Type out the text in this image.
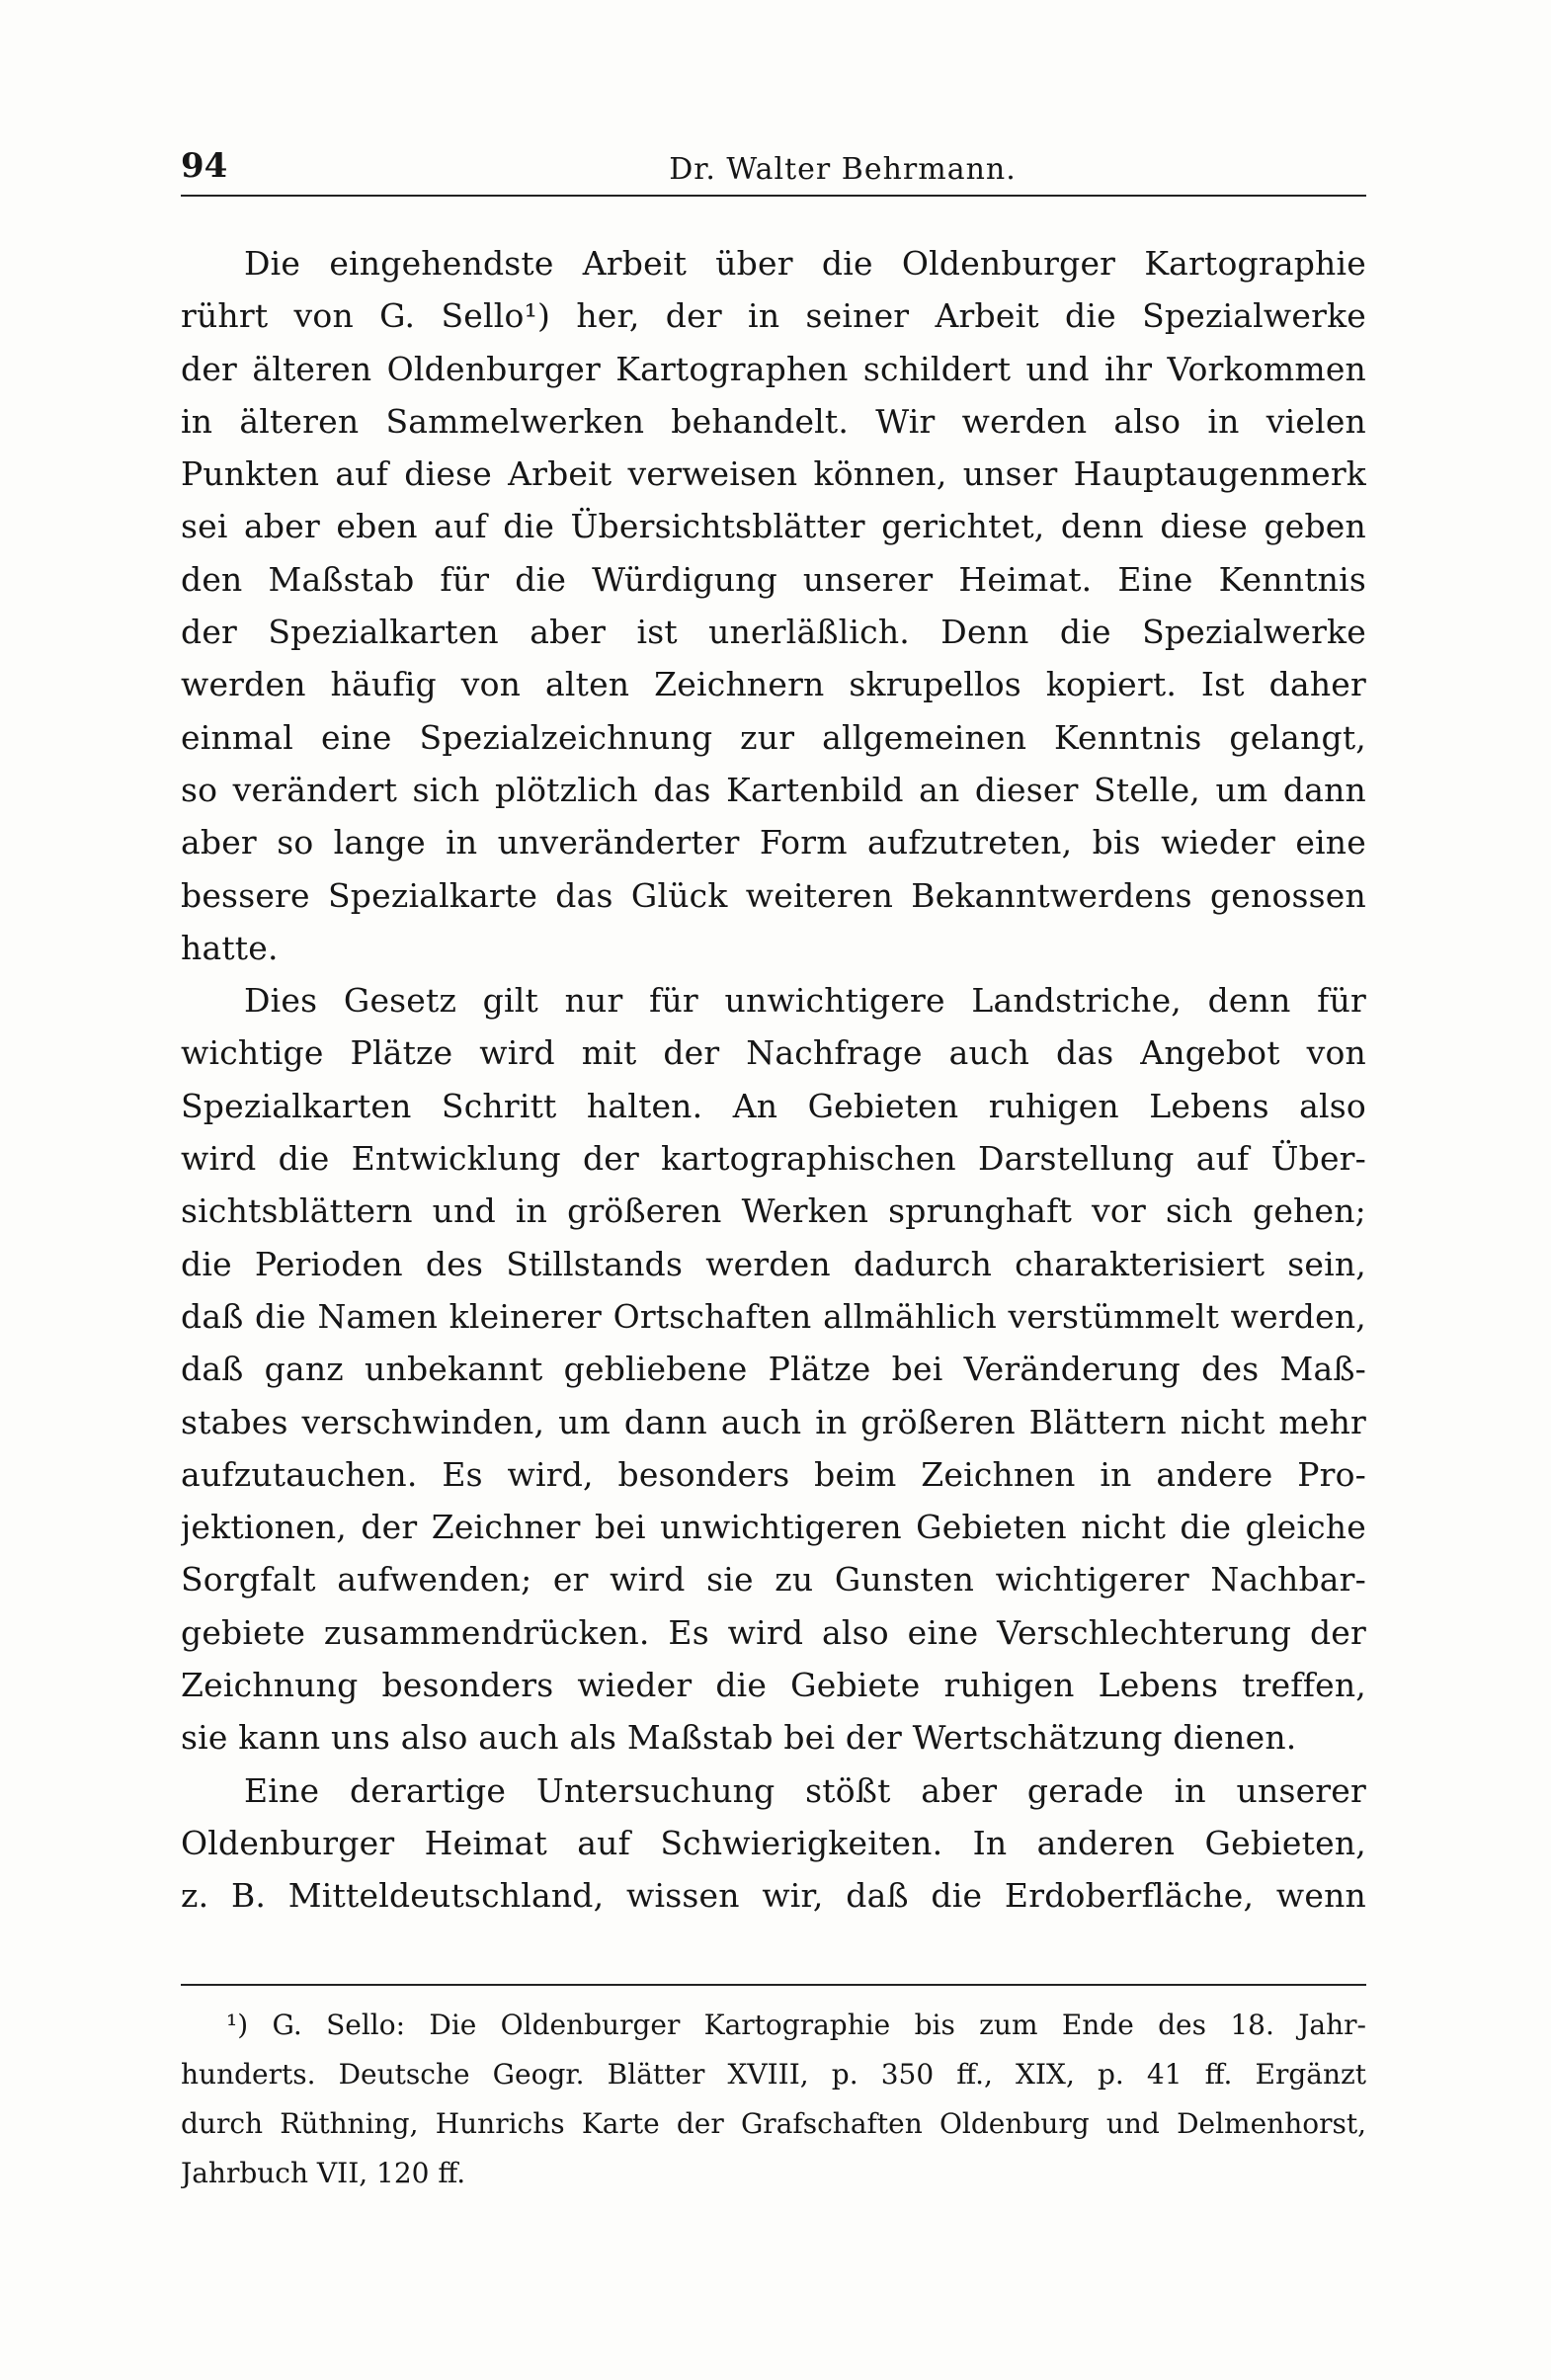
94	Dr. Walter Behrmann.
Die eingehendste Arbeit über die Oldenburger Kartographie
rührt von G. Sello¹) her, der in seiner Arbeit die Spezialwerke
der älteren Oldenburger Kartographen schildert und ihr Vorkommen
in älteren Sammelwerken behandelt. Wir werden also in vielen
Punkten auf diese Arbeit verweisen können, unser Hauptaugenmerk
sei aber eben auf die Übersichtsblätter gerichtet, denn diese geben
den Maßstab für die Würdigung unserer Heimat. Eine Kenntnis
der Spezialkarten aber ist unerläßlich. Denn die Spezialwerke
werden häufig von alten Zeichnern skrupellos kopiert. Ist daher
einmal eine Spezialzeichnung zur allgemeinen Kenntnis gelangt,
so verändert sich plötzlich das Kartenbild an dieser Stelle, um dann
aber so lange in unveränderter Form aufzutreten, bis wieder eine
bessere Spezialkarte das Glück weiteren Bekanntwerdens genossen
hatte.
Dies Gesetz gilt nur für unwichtigere Landstriche, denn für
wichtige Plätze wird mit der Nachfrage auch das Angebot von
Spezialkarten Schritt halten. An Gebieten ruhigen Lebens also
wird die Entwicklung der kartographischen Darstellung auf Über-
sichtsblättern und in größeren Werken sprunghaft vor sich gehen;
die Perioden des Stillstands werden dadurch charakterisiert sein,
daß die Namen kleinerer Ortschaften allmählich verstümmelt werden,
daß ganz unbekannt gebliebene Plätze bei Veränderung des Maß-
stabes verschwinden, um dann auch in größeren Blättern nicht mehr
aufzutauchen. Es wird, besonders beim Zeichnen in andere Pro-
jektionen, der Zeichner bei unwichtigeren Gebieten nicht die gleiche
Sorgfalt aufwenden; er wird sie zu Gunsten wichtigerer Nachbar-
gebiete zusammendrücken. Es wird also eine Verschlechterung der
Zeichnung besonders wieder die Gebiete ruhigen Lebens treffen,
sie kann uns also auch als Maßstab bei der Wertschätzung dienen.
Eine derartige Untersuchung stößt aber gerade in unserer
Oldenburger Heimat auf Schwierigkeiten. In anderen Gebieten,
z. B. Mitteldeutschland, wissen wir, daß die Erdoberfläche, wenn
¹) G. Sello: Die Oldenburger Kartographie bis zum Ende des 18. Jahr-
hunderts. Deutsche Geogr. Blätter XVIII, p. 350 ff., XIX, p. 41 ff. Ergänzt
durch Rüthning, Hunrichs Karte der Grafschaften Oldenburg und Delmenhorst,
Jahrbuch VII, 120 ff.
